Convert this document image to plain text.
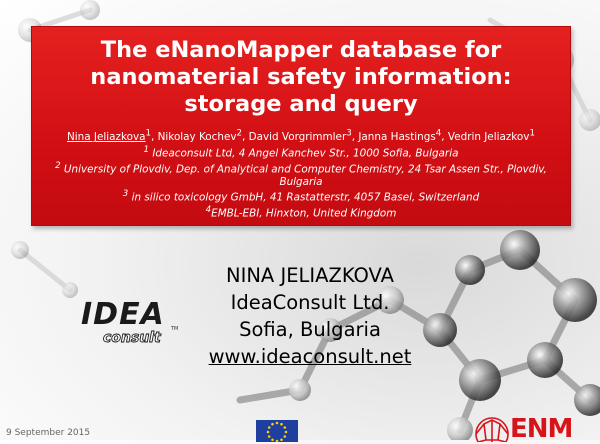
The eNanoMapper database for
nanomaterial safety information:
storage and query
Nina Jeliazkova$^1$, Nikolay Kochev$^2$, David Vorgrimmler$^3$, Janna Hastings$^4$, Vedrin Jeliazkov$^1$
$^1$ Ideaconsult Ltd, 4 Angel Kanchev Str., 1000 Sofia, Bulgaria
$^2$ University of Plovdiv, Dep. of Analytical and Computer Chemistry, 24 Tsar Assen Str., Plovdiv, Bulgaria
$^3$ in silico toxicology GmbH, 41 Rastatterstr, 4057 Basel, Switzerland
$^4$EMBL-EBI, Hinxton, United Kingdom
NINA JELIAZKOVA
IdeaConsult Ltd.
Sofia, Bulgaria
www.ideaconsult.net
IDEA
consult
TM
9 September 2015	ENM
